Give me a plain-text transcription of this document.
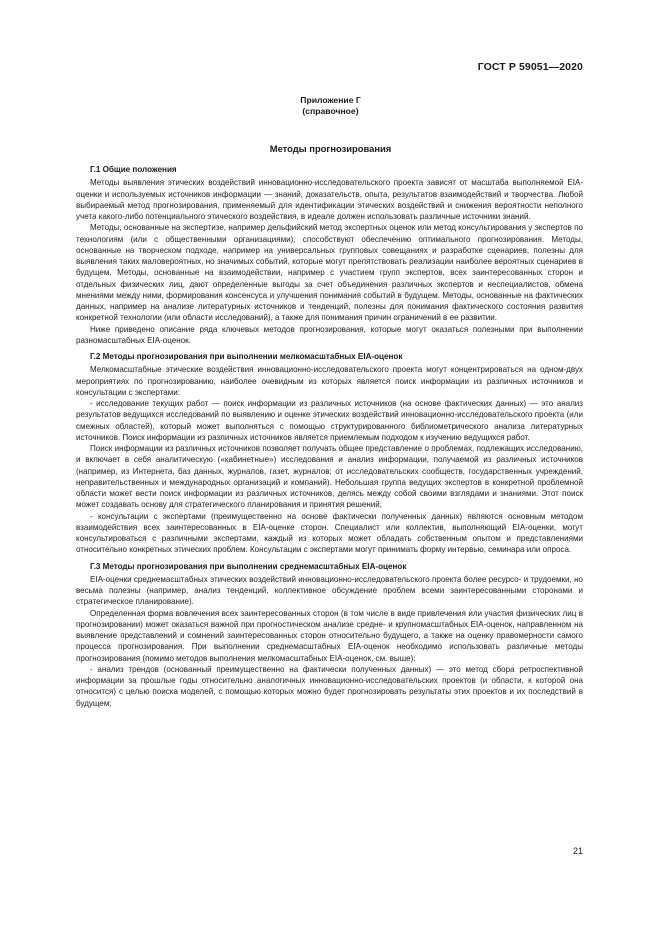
ГОСТ Р 59051—2020
Приложение Г
(справочное)
Методы прогнозирования
Г.1 Общие положения

Методы выявления этических воздействий инновационно-исследовательского проекта зависят от масштаба выполняемой EIA-оценки и используемых источников информации — знаний, доказательств, опыта, результатов взаимодействий и творчества. Любой выбираемый метод прогнозирования, применяемый для идентификации этических воздействий и снижения вероятности неполного учета какого-либо потенциального этического воздействия, в идеале должен использовать различные источники знаний.

Методы, основанные на экспертизе, например дельфийский метод экспертных оценок или метод консультирования у экспертов по технологиям (или с общественными организациями), способствуют обеспечению оптимального прогнозирования. Методы, основанные на творческом подходе, например на универсальных групповых совещаниях и разработке сценариев, полезны для выявления таких маловероятных, но значимых событий, которые могут препятствовать реализации наиболее вероятных сценариев в будущем. Методы, основанные на взаимодействии, например с участием групп экспертов, всех заинтересованных сторон и отдельных физических лиц, дают определенные выгоды за счет объединения различных экспертов и неспециалистов, обмена мнениями между ними, формирования консенсуса и улучшения понимания событий в будущем. Методы, основанные на фактических данных, например на анализе литературных источников и тенденций, полезны для понимания фактического состояния развития конкретной технологии (или области исследований), а также для понимания причин ограничений в ее развитии.

Ниже приведено описание ряда ключевых методов прогнозирования, которые могут оказаться полезными при выполнении разномасштабных EIA-оценок.

Г.2 Методы прогнозирования при выполнении мелкомасштабных EIA-оценок

Мелкомасштабные этические воздействия инновационно-исследовательского проекта могут концентрироваться на одном-двух мероприятиях по прогнозированию, наиболее очевидным из которых является поиск информации из различных источников и консультации с экспертами:

- исследование текущих работ — поиск информации из различных источников (на основе фактических данных) — это анализ результатов ведущихся исследований по выявлению и оценке этических воздействий инновационно-исследовательского проекта (или смежных областей), который может выполняться с помощью структурированного библиометрического анализа литературных источников. Поиск информации из различных источников является приемлемым подходом к изучению ведущихся работ.

Поиск информации из различных источников позволяет получать общее представление о проблемах, подлежащих исследованию, и включает в себя аналитическую («кабинетные») исследования и анализ информации, получаемой из различных источников (например, из Интернета, баз данных, журналов, газет, журналов; от исследовательских сообществ, государственных учреждений, неправительственных и международных организаций и компаний). Небольшая группа ведущих экспертов в конкретной проблемной области может вести поиск информации из различных источников, делясь между собой своими взглядами и знаниями. Этот поиск может создавать основу для стратегического планирования и принятия решений;

- консультации с экспертами (преимущественно на основе фактически полученных данных) являются основным методом взаимодействия всех заинтересованных в EIA-оценке сторон. Специалист или коллектив, выполняющий EIA-оценки, могут консультироваться с различными экспертами, каждый из которых может обладать собственным опытом и представлениями относительно конкретных этических проблем. Консультации с экспертами могут принимать форму интервью, семинара или опроса.

Г.3 Методы прогнозирования при выполнении среднемасштабных EIA-оценок

EIA-оценки среднемасштабных этических воздействий инновационно-исследовательского проекта более ресурсо- и трудоемки, но весьма полезны (например, анализ тенденций, коллективное обсуждение проблем всеми заинтересованными сторонами и стратегическое планирование).

Определенная форма вовлечения всех заинтересованных сторон (в том числе в виде привлечения или участия физических лиц в прогнозировании) может оказаться важной при прогностическом анализе средне- и крупномасштабных EIA-оценок, направленном на выявление представлений и сомнений заинтересованных сторон относительно будущего, а также на оценку правомерности самого процесса прогнозирования. При выполнении среднемасштабных EIA-оценок необходимо использовать различные методы прогнозирования (помимо методов выполнения мелкомасштабных EIA-оценок, см. выше):

- анализ трендов (основанный преимущественно на фактически полученных данных) — это метод сбора ретроспективной информации за прошлые годы относительно аналогичных инновационно-исследовательских проектов (и области, к которой она относится) с целью поиска моделей, с помощью которых можно будет прогнозировать результаты этих проектов и их последствий в будущем;

21
